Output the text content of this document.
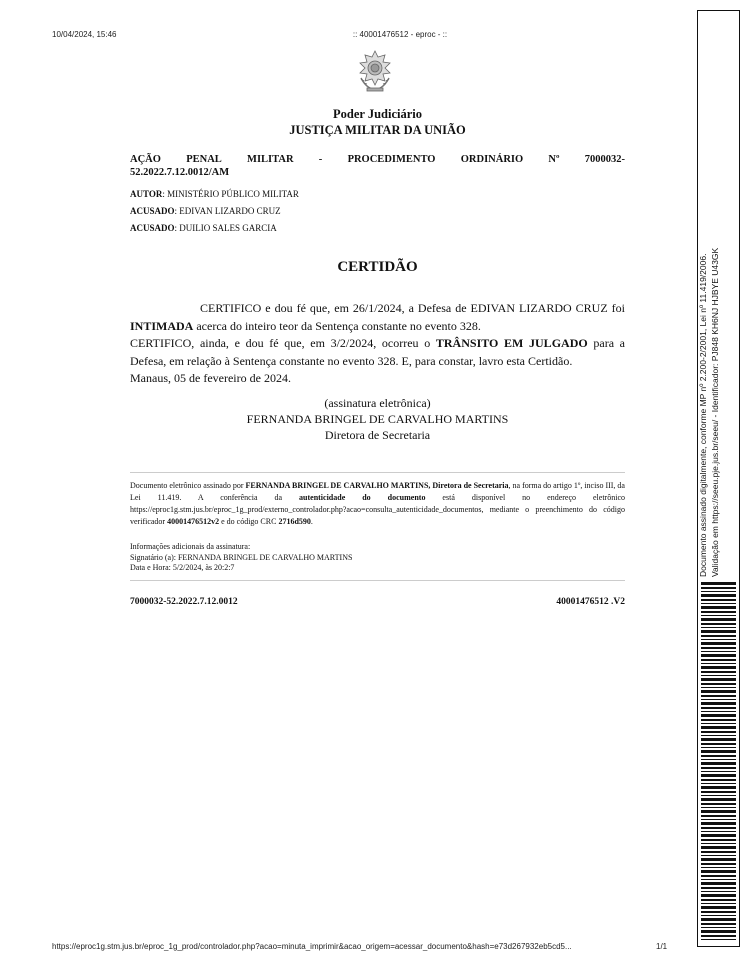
10/04/2024, 15:46	:: 40001476512 - eproc - ::
Poder Judiciário
JUSTIÇA MILITAR DA UNIÃO
AÇÃO PENAL MILITAR - PROCEDIMENTO ORDINÁRIO Nº 7000032-
52.2022.7.12.0012/AM
AUTOR: MINISTÉRIO PÚBLICO MILITAR
ACUSADO: EDIVAN LIZARDO CRUZ
ACUSADO: DUILIO SALES GARCIA
CERTIDÃO

CERTIFICO e dou fé que, em 26/1/2024, a Defesa de EDIVAN LIZARDO CRUZ foi INTIMADA acerca do inteiro teor da Sentença constante no evento 328.

CERTIFICO, ainda, e dou fé que, em 3/2/2024, ocorreu o TRÂNSITO EM JULGADO para a Defesa, em relação à Sentença constante no evento 328. E, para constar, lavro esta Certidão.

Manaus, 05 de fevereiro de 2024.

(assinatura eletrônica)
FERNANDA BRINGEL DE CARVALHO MARTINS
Diretora de Secretaria
Documento eletrônico assinado por FERNANDA BRINGEL DE CARVALHO MARTINS, Diretora de Secretaria, na forma do artigo 1º, inciso III, da Lei 11.419. A conferência da autenticidade do documento está disponível no endereço eletrônico https://eproc1g.stm.jus.br/eproc_1g_prod/externo_controlador.php?acao=consulta_autenticidade_documentos, mediante o preenchimento do código verificador 40001476512v2 e do código CRC 2716d590.
Informações adicionais da assinatura:
Signatário (a): FERNANDA BRINGEL DE CARVALHO MARTINS
Data e Hora: 5/2/2024, às 20:2:7
7000032-52.2022.7.12.0012	40001476512 .V2
Documento assinado digitalmente, conforme MP nº 2.200-2/2001, Lei nº 11.419/2006. Validação em https://seeu.pje.jus.br/seeu/ - Identificador: PJ848 KH6NJ HJBYE U43GK
https://eproc1g.stm.jus.br/eproc_1g_prod/controlador.php?acao=minuta_imprimir&acao_origem=acessar_documento&hash=e73d267932eb5cd5...	1/1
